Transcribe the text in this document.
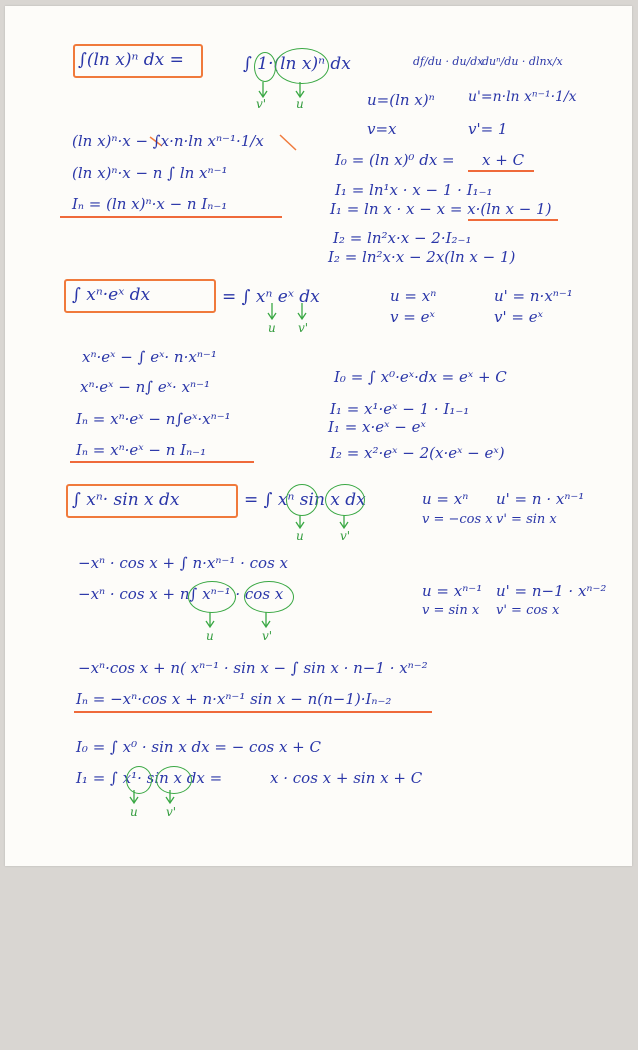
∫(ln x)ⁿ dx =	∫ 1·(ln x)ⁿ dx	df/du · du/dx
duⁿ/du · dlnx/x
v' u	u=(ln x)ⁿ u'=n·ln xⁿ⁻¹·1/x
v=x	v'= 1
(ln x)ⁿ·x − ∫x·n·ln xⁿ⁻¹·1/x
(ln x)ⁿ·x − n ∫ ln xⁿ⁻¹
Iₙ = (ln x)ⁿ·x − n Iₙ₋₁
I₀ = (ln x)⁰ dx = x + C
I₁ = ln¹x · x − 1 · I₁₋₁
I₁ = ln x · x − x = x·(ln x − 1)
I₂ = ln²x·x − 2·I₂₋₁
I₂ = ln²x·x − 2x(ln x − 1)
∫ xⁿ·eˣ dx	= ∫ xⁿ eˣ dx
u v'
u = xⁿ	u' = n·xⁿ⁻¹
v = eˣ	v' = eˣ
xⁿ·eˣ − ∫ eˣ· n·xⁿ⁻¹
xⁿ·eˣ − n∫ eˣ· xⁿ⁻¹
Iₙ = xⁿ·eˣ − n∫eˣ·xⁿ⁻¹
Iₙ = xⁿ·eˣ − n Iₙ₋₁
I₀ = ∫ x⁰·eˣ·dx = eˣ + C
I₁ = x¹·eˣ − 1 · I₁₋₁
I₁ = x·eˣ − eˣ
I₂ = x²·eˣ − 2(x·eˣ − eˣ)
∫ xⁿ· sin x dx	= ∫ xⁿ sin x dx
u	v'
u = xⁿ u' = n · xⁿ⁻¹
v = −cos x v' = sin x
−xⁿ · cos x + ∫ n·xⁿ⁻¹ · cos x
−xⁿ · cos x + n∫ xⁿ⁻¹ · cos x
u	v'
u = xⁿ⁻¹ u' = n−1 · xⁿ⁻²
v = sin x v' = cos x
−xⁿ·cos x + n( xⁿ⁻¹ · sin x − ∫ sin x · n−1 · xⁿ⁻²
Iₙ = −xⁿ·cos x + n·xⁿ⁻¹ sin x − n(n−1)·Iₙ₋₂
I₀ = ∫ x⁰ · sin x dx = − cos x + C
I₁ = ∫ x¹· sin x dx =	x · cos x + sin x + C
u v'
